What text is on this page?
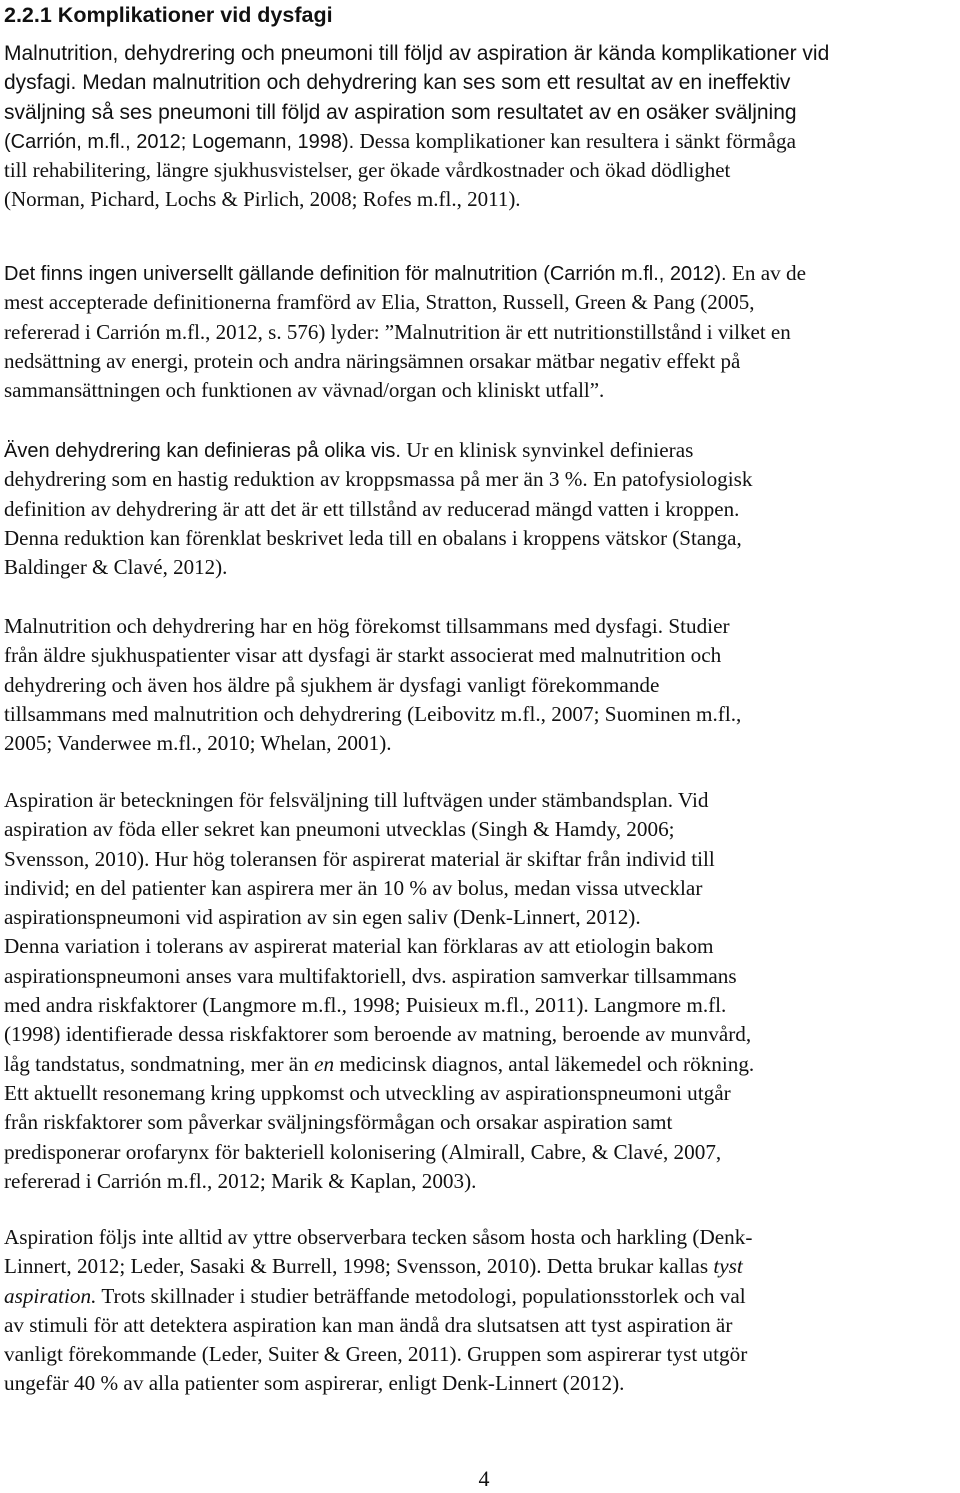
2.2.1 Komplikationer vid dysfagi
Malnutrition, dehydrering och pneumoni till följd av aspiration är kända komplikationer vid
dysfagi. Medan malnutrition och dehydrering kan ses som ett resultat av en ineffektiv
sväljning så ses pneumoni till följd av aspiration som resultatet av en osäker sväljning
(Carrión, m.fl., 2012; Logemann, 1998). Dessa komplikationer kan resultera i sänkt förmåga
till rehabilitering, längre sjukhusvistelser, ger ökade vårdkostnader och ökad dödlighet
(Norman, Pichard, Lochs & Pirlich, 2008; Rofes m.fl., 2011).
Det finns ingen universellt gällande definition för malnutrition (Carrión m.fl., 2012). En av de
mest accepterade definitionerna framförd av Elia, Stratton, Russell, Green & Pang (2005,
refererad i Carrión m.fl., 2012, s. 576) lyder: ”Malnutrition är ett nutritionstillstånd i vilket en
nedsättning av energi, protein och andra näringsämnen orsakar mätbar negativ effekt på
sammansättningen och funktionen av vävnad/organ och kliniskt utfall”.
Även dehydrering kan definieras på olika vis. Ur en klinisk synvinkel definieras
dehydrering som en hastig reduktion av kroppsmassa på mer än 3 %. En patofysiologisk
definition av dehydrering är att det är ett tillstånd av reducerad mängd vatten i kroppen.
Denna reduktion kan förenklat beskrivet leda till en obalans i kroppens vätskor (Stanga,
Baldinger & Clavé, 2012).
Malnutrition och dehydrering har en hög förekomst tillsammans med dysfagi. Studier
från äldre sjukhuspatienter visar att dysfagi är starkt associerat med malnutrition och
dehydrering och även hos äldre på sjukhem är dysfagi vanligt förekommande
tillsammans med malnutrition och dehydrering (Leibovitz m.fl., 2007; Suominen m.fl.,
2005; Vanderwee m.fl., 2010; Whelan, 2001).
Aspiration är beteckningen för felsväljning till luftvägen under stämbandsplan. Vid
aspiration av föda eller sekret kan pneumoni utvecklas (Singh & Hamdy, 2006;
Svensson, 2010). Hur hög toleransen för aspirerat material är skiftar från individ till
individ; en del patienter kan aspirera mer än 10 % av bolus, medan vissa utvecklar
aspirationspneumoni vid aspiration av sin egen saliv (Denk-Linnert, 2012).
Denna variation i tolerans av aspirerat material kan förklaras av att etiologin bakom
aspirationspneumoni anses vara multifaktoriell, dvs. aspiration samverkar tillsammans
med andra riskfaktorer (Langmore m.fl., 1998; Puisieux m.fl., 2011). Langmore m.fl.
(1998) identifierade dessa riskfaktorer som beroende av matning, beroende av munvård,
låg tandstatus, sondmatning, mer än en medicinsk diagnos, antal läkemedel och rökning.
Ett aktuellt resonemang kring uppkomst och utveckling av aspirationspneumoni utgår
från riskfaktorer som påverkar sväljningsförmågan och orsakar aspiration samt
predisponerar orofarynx för bakteriell kolonisering (Almirall, Cabre, & Clavé, 2007,
refererad i Carrión m.fl., 2012; Marik & Kaplan, 2003).
Aspiration följs inte alltid av yttre observerbara tecken såsom hosta och harkling (Denk-
Linnert, 2012; Leder, Sasaki & Burrell, 1998; Svensson, 2010). Detta brukar kallas tyst
aspiration. Trots skillnader i studier beträffande metodologi, populationsstorlek och val
av stimuli för att detektera aspiration kan man ändå dra slutsatsen att tyst aspiration är
vanligt förekommande (Leder, Suiter & Green, 2011). Gruppen som aspirerar tyst utgör
ungefär 40 % av alla patienter som aspirerar, enligt Denk-Linnert (2012).
4
